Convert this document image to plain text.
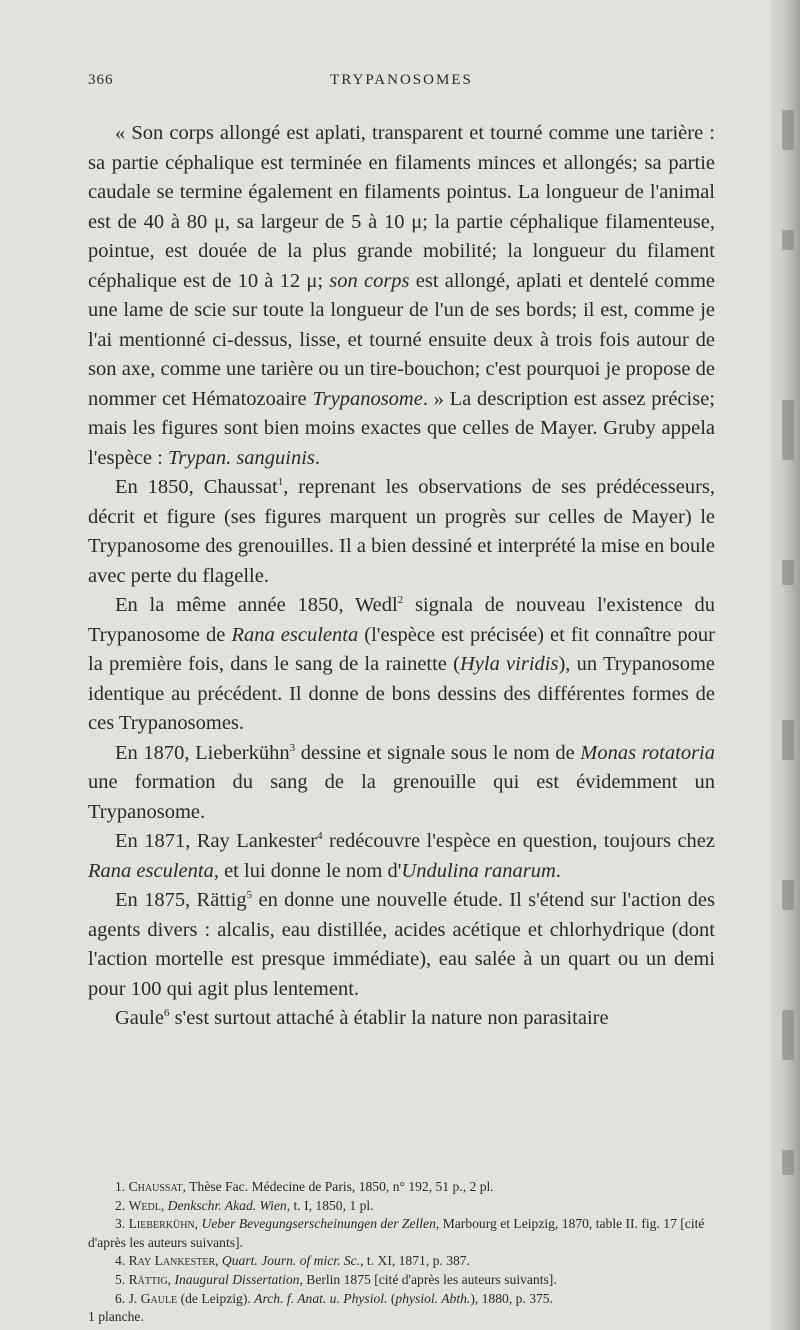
366	TRYPANOSOMES

« Son corps allongé est aplati, transparent et tourné comme une tarière : sa partie céphalique est terminée en filaments minces et allongés; sa partie caudale se termine également en filaments pointus. La longueur de l'animal est de 40 à 80 μ, sa largeur de 5 à 10 μ; la partie céphalique filamenteuse, pointue, est douée de la plus grande mobilité; la longueur du filament céphalique est de 10 à 12 μ; son corps est allongé, aplati et dentelé comme une lame de scie sur toute la longueur de l'un de ses bords; il est, comme je l'ai mentionné ci-dessus, lisse, et tourné ensuite deux à trois fois autour de son axe, comme une tarière ou un tire-bouchon; c'est pourquoi je propose de nommer cet Hématozoaire Trypanosome. » La description est assez précise; mais les figures sont bien moins exactes que celles de Mayer. Gruby appela l'espèce : Trypan. sanguinis.

En 1850, Chaussat$^1$, reprenant les observations de ses prédécesseurs, décrit et figure (ses figures marquent un progrès sur celles de Mayer) le Trypanosome des grenouilles. Il a bien dessiné et interprété la mise en boule avec perte du flagelle.

En la même année 1850, Wedl$^2$ signala de nouveau l'existence du Trypanosome de Rana esculenta (l'espèce est précisée) et fit connaître pour la première fois, dans le sang de la rainette (Hyla viridis), un Trypanosome identique au précédent. Il donne de bons dessins des différentes formes de ces Trypanosomes.

En 1870, Lieberkühn$^3$ dessine et signale sous le nom de Monas rotatoria une formation du sang de la grenouille qui est évidemment un Trypanosome.

En 1871, Ray Lankester$^4$ redécouvre l'espèce en question, toujours chez Rana esculenta, et lui donne le nom d'Undulina ranarum.

En 1875, Rättig$^5$ en donne une nouvelle étude. Il s'étend sur l'action des agents divers : alcalis, eau distillée, acides acétique et chlorhydrique (dont l'action mortelle est presque immédiate), eau salée à un quart ou un demi pour 100 qui agit plus lentement.

Gaule$^6$ s'est surtout attaché à établir la nature non parasitaire

1. Chaussat, Thèse Fac. Médecine de Paris, 1850, n° 192, 51 p., 2 pl.

2. Wedl, Denkschr. Akad. Wien, t. I, 1850, 1 pl.

3. Lieberkühn, Ueber Bevegungserscheinungen der Zellen, Marbourg et Leipzig, 1870, table II. fig. 17 [cité d'après les auteurs suivants].

4. Ray Lankester, Quart. Journ. of micr. Sc., t. XI, 1871, p. 387.

5. Rättig, Inaugural Dissertation, Berlin 1875 [cité d'après les auteurs suivants].

6. J. Gaule (de Leipzig). Arch. f. Anat. u. Physiol. (physiol. Abth.), 1880, p. 375.

1 planche.
